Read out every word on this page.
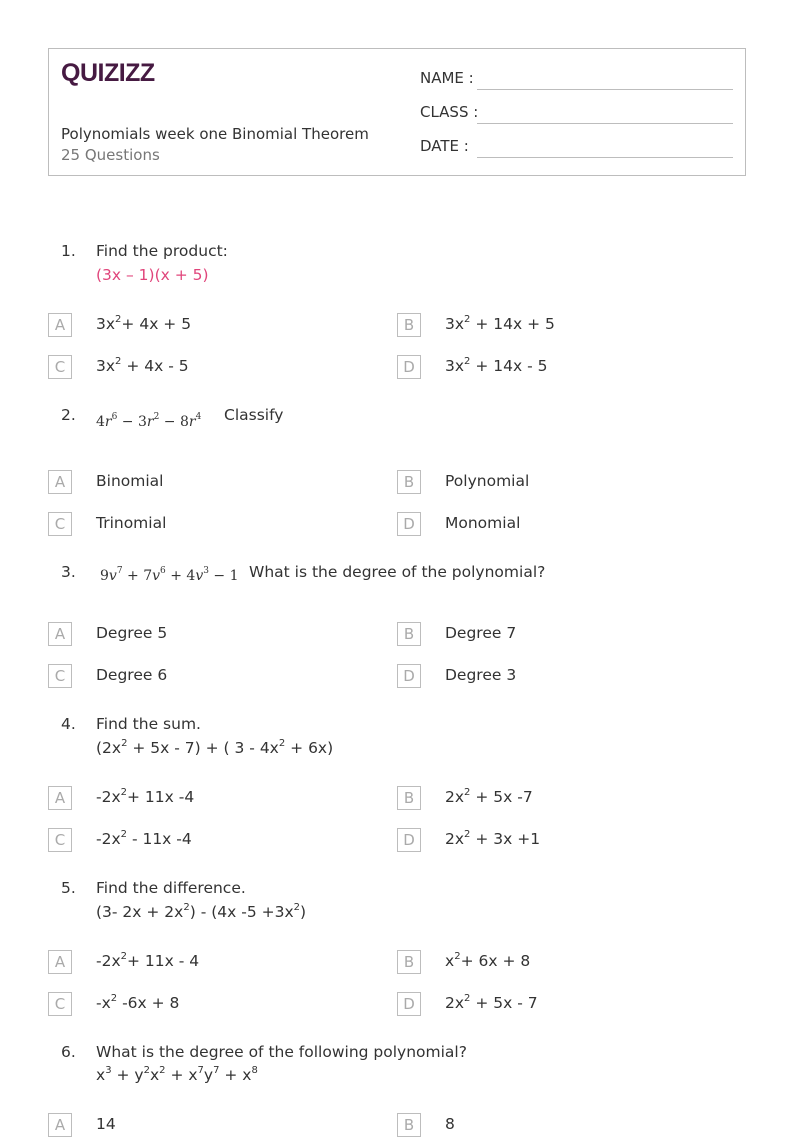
QUIZIZZ
Polynomials week one Binomial Theorem
25 Questions
NAME :
CLASS :
DATE :
1. Find the product:
(3x – 1)(x + 5)
A	$3x^2+ 4x + 5$	B	$3x^2 + 14x + 5$
C	$3x^2 + 4x - 5$	D	$3x^2 + 14x - 5$
2. $4r^6 - 3r^2 - 8r^4$ Classify
A	Binomial	B	Polynomial
C	Trinomial	D	Monomial
3. $9v^7 + 7v^6 + 4v^3 - 1$ What is the degree of the polynomial?
A	Degree 5	B	Degree 7
C	Degree 6	D	Degree 3
4. Find the sum.
$(2x^2 + 5x - 7)$ + ( $3 - 4x^2 + 6x$)
A	$-2x^2+ 11x$ -4	B	$2x^2 + 5x$ -7
C	$-2x^2 - 11x$ -4	D	$2x^2 + 3x +1$
5. Find the difference.
(3- $2x + 2x^2) - (4x$ $-5 +3x^2$)
A	$-2x^2+ 11x - 4$	B	$x^2+ 6x + 8$
C	$-x^2$ -6x + 8	D	$2x^2 + 5x - 7$
6. What is the degree of the following polynomial?
$x^3 + y^2x^2 + x^7y^7 + x^8$
A	14	B	8
